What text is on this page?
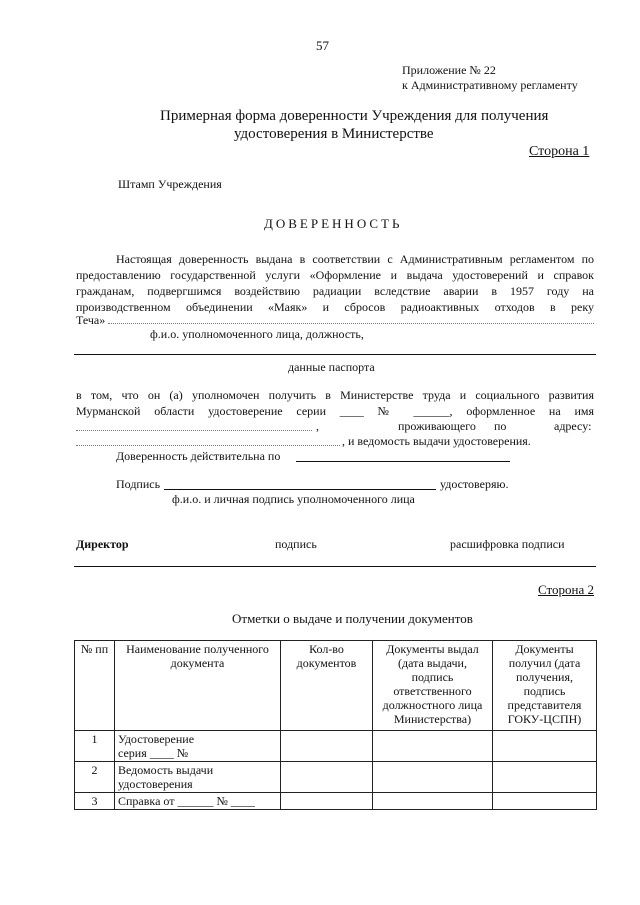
57
Приложение № 22
к Административному регламенту
Примерная форма доверенности Учреждения для получения
удостоверения в Министерстве
Сторона 1
Штамп Учреждения
ДОВЕРЕННОСТЬ
Настоящая доверенность выдана в соответствии с Административным регламентом по
предоставлению государственной услуги «Оформление и выдача удостоверений и справок
гражданам, подвергшимся воздействию радиации вследствие аварии в 1957 году на
производственном объединении «Маяк» и сбросов радиоактивных отходов в реку
Теча»
ф.и.о. уполномоченного лица, должность,
данные паспорта
в том, что он (а) уполномочен получить в Министерстве труда и социального развития
Мурманской области удостоверение серии ____ № ______, оформленное на имя
,	проживающего по	адресу:
, и ведомость выдачи удостоверения.
Доверенность действительна по
Подпись	удостоверяю.
ф.и.о. и личная подпись уполномоченного лица
Директор	подпись	расшифровка подписи
Сторона 2
Отметки о выдаче и получении документов
№ пп	Наименование полученного документа	Кол-во документов	Документы выдал (дата выдачи, подпись ответственного должностного лица Министерства)	Документы получил (дата получения, подпись представителя ГОКУ-ЦСПН)
1	Удостоверение
серия ____ №			

2	Ведомость выдачи
удостоверения			

3	Справка от ______ № ____			
